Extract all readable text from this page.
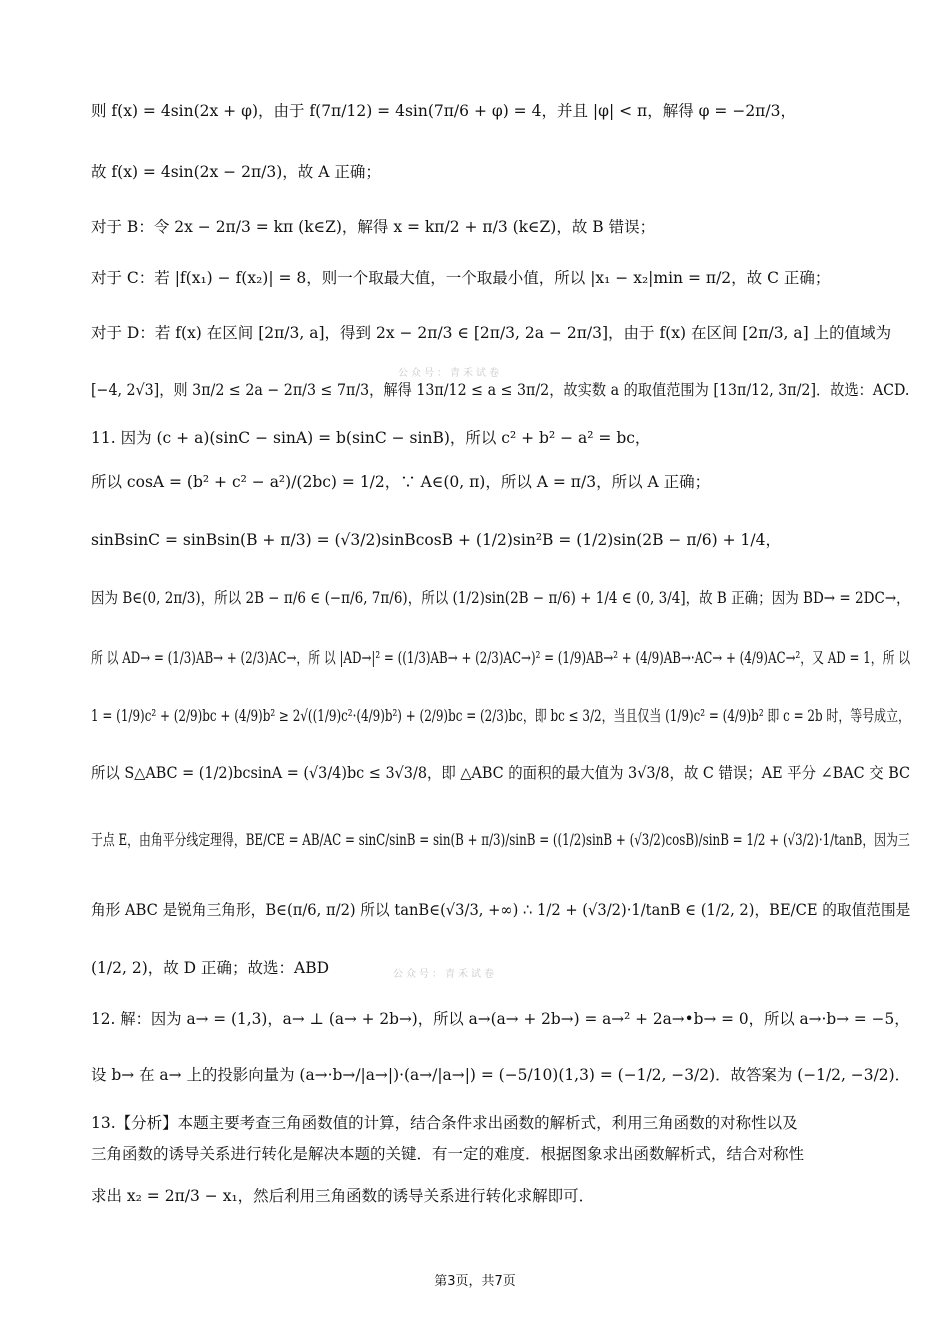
则 f(x) = 4sin(2x + φ)，由于 f(7π/12) = 4sin(7π/6 + φ) = 4，并且 |φ| < π，解得 φ = −2π/3，
故 f(x) = 4sin(2x − 2π/3)，故 A 正确；
对于 B：令 2x − 2π/3 = kπ (k∈Z)，解得 x = kπ/2 + π/3 (k∈Z)，故 B 错误；
对于 C：若 |f(x₁) − f(x₂)| = 8，则一个取最大值，一个取最小值，所以 |x₁ − x₂|min = π/2，故 C 正确；
对于 D：若 f(x) 在区间 [2π/3, a]，得到 2x − 2π/3 ∈ [2π/3, 2a − 2π/3]，由于 f(x) 在区间 [2π/3, a] 上的值域为
[−4, 2√3]，则 3π/2 ≤ 2a − 2π/3 ≤ 7π/3，解得 13π/12 ≤ a ≤ 3π/2，故实数 a 的取值范围为 [13π/12, 3π/2]．故选：ACD.
11. 因为 (c + a)(sinC − sinA) = b(sinC − sinB)，所以 c² + b² − a² = bc，
所以 cosA = (b² + c² − a²)/(2bc) = 1/2，∵ A∈(0, π)，所以 A = π/3，所以 A 正确；
sinBsinC = sinBsin(B + π/3) = (√3/2)sinBcosB + (1/2)sin²B = (1/2)sin(2B − π/6) + 1/4，
因为 B∈(0, 2π/3)，所以 2B − π/6 ∈ (−π/6, 7π/6)，所以 (1/2)sin(2B − π/6) + 1/4 ∈ (0, 3/4]，故 B 正确；因为 BD→ = 2DC→，
所 以 AD→ = (1/3)AB→ + (2/3)AC→，所 以 |AD→|² = ((1/3)AB→ + (2/3)AC→)² = (1/9)AB→² + (4/9)AB→·AC→ + (4/9)AC→²，又 AD = 1，所 以
1 = (1/9)c² + (2/9)bc + (4/9)b² ≥ 2√((1/9)c²·(4/9)b²) + (2/9)bc = (2/3)bc，即 bc ≤ 3/2，当且仅当 (1/9)c² = (4/9)b² 即 c = 2b 时，等号成立，
所以 S△ABC = (1/2)bcsinA = (√3/4)bc ≤ 3√3/8，即 △ABC 的面积的最大值为 3√3/8，故 C 错误；AE 平分 ∠BAC 交 BC
于点 E，由角平分线定理得，BE/CE = AB/AC = sinC/sinB = sin(B + π/3)/sinB = ((1/2)sinB + (√3/2)cosB)/sinB = 1/2 + (√3/2)·1/tanB，因为三
角形 ABC 是锐角三角形，B∈(π/6, π/2) 所以 tanB∈(√3/3, +∞) ∴ 1/2 + (√3/2)·1/tanB ∈ (1/2, 2)，BE/CE 的取值范围是
(1/2, 2)，故 D 正确；故选：ABD
12. 解：因为 a→ = (1,3)，a→ ⊥ (a→ + 2b→)，所以 a→(a→ + 2b→) = a→² + 2a→•b→ = 0，所以 a→·b→ = −5，
设 b→ 在 a→ 上的投影向量为 (a→·b→/|a→|)·(a→/|a→|) = (−5/10)(1,3) = (−1/2, −3/2)．故答案为 (−1/2, −3/2)．
13.【分析】本题主要考查三角函数值的计算，结合条件求出函数的解析式，利用三角函数的对称性以及
三角函数的诱导关系进行转化是解决本题的关键．有一定的难度．根据图象求出函数解析式，结合对称性
求出 x₂ = 2π/3 − x₁，然后利用三角函数的诱导关系进行转化求解即可．
公众号：青禾试卷
公众号：青禾试卷
第3页，共7页
